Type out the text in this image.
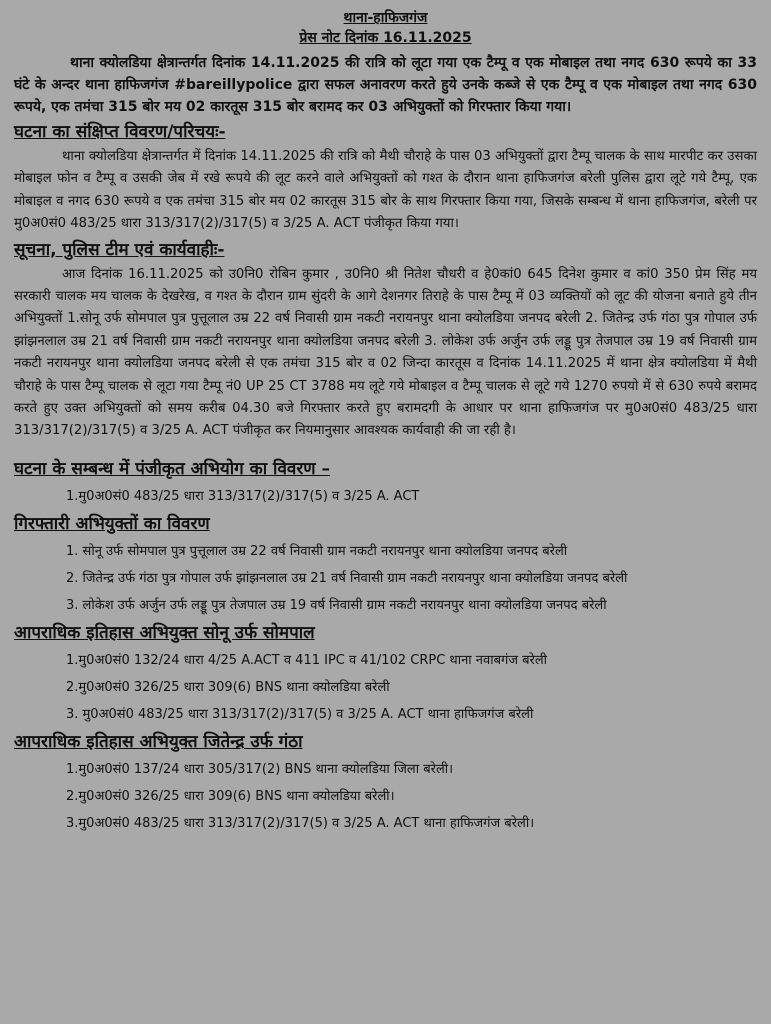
थाना-हाफिजगंज
प्रेस नोट दिनांक 16.11.2025

थाना क्योलडिया क्षेत्रान्तर्गत दिनांक 14.11.2025 की रात्रि को लूटा गया एक टैम्पू व एक मोबाइल तथा नगद 630 रूपये का 33 घंटे के अन्दर थाना हाफिजगंज #bareillypolice द्वारा सफल अनावरण करते हुये उनके कब्जे से एक टैम्पू व एक मोबाइल तथा नगद 630 रूपये, एक तमंचा 315 बोर मय 02 कारतूस 315 बोर बरामद कर 03 अभियुक्तों को गिरफ्तार किया गया।

घटना का संक्षिप्त विवरण/परिचयः-

थाना क्योलडिया क्षेत्रान्तर्गत में दिनांक 14.11.2025 की रात्रि को मैथी चौराहे के पास 03 अभियुक्तों द्वारा टैम्पू चालक के साथ मारपीट कर उसका मोबाइल फोन व टैम्पू व उसकी जेब में रखे रूपये की लूट करने वाले अभियुक्तों को गश्त के दौरान थाना हाफिजगंज बरेली पुलिस द्वारा लूटे गये टैम्पू, एक मोबाइल व नगद 630 रूपये व एक तमंचा 315 बोर मय 02 कारतूस 315 बोर के साथ गिरफ्तार किया गया, जिसके सम्बन्ध में थाना हाफिजगंज, बरेली पर मु0अ0सं0 483/25 धारा 313/317(2)/317(5) व 3/25 A. ACT पंजीकृत किया गया।

सूचना, पुलिस टीम एवं कार्यवाहीः-

आज दिनांक 16.11.2025 को उ0नि0 रोबिन कुमार , उ0नि0 श्री नितेश चौधरी व हे0कां0 645 दिनेश कुमार व कां0 350 प्रेम सिंह मय सरकारी चालक मय चालक के देखरेख, व गश्त के दौरान ग्राम सुंदरी के आगे देशनगर तिराहे के पास टैम्पू में 03 व्यक्तियों को लूट की योजना बनाते हुये तीन अभियुक्तों 1.सोनू उर्फ सोमपाल पुत्र पुत्तूलाल उम्र 22 वर्ष निवासी ग्राम नकटी नरायनपुर थाना क्योलडिया जनपद बरेली 2. जितेन्द्र उर्फ गंठा पुत्र गोपाल उर्फ झांझनलाल उम्र 21 वर्ष निवासी ग्राम नकटी नरायनपुर थाना क्योलडिया जनपद बरेली 3. लोकेश उर्फ अर्जुन उर्फ लड्डू पुत्र तेजपाल उम्र 19 वर्ष निवासी ग्राम नकटी नरायनपुर थाना क्योलडिया जनपद बरेली से एक तमंचा 315 बोर व 02 जिन्दा कारतूस व दिनांक 14.11.2025 में थाना क्षेत्र क्योलडिया में मैथी चौराहे के पास टैम्पू चालक से लूटा गया टैम्पू नं0 UP 25 CT 3788 मय लूटे गये मोबाइल व टैम्पू चालक से लूटे गये 1270 रुपयो में से 630 रुपये बरामद करते हुए उक्त अभियुक्तों को समय करीब 04.30 बजे गिरफ्तार करते हुए बरामदगी के आधार पर थाना हाफिजगंज पर मु0अ0सं0 483/25 धारा 313/317(2)/317(5) व 3/25 A. ACT पंजीकृत कर नियमानुसार आवश्यक कार्यवाही की जा रही है।

घटना के सम्बन्ध में पंजीकृत अभियोग का विवरण –
1.मु0अ0सं0 483/25 धारा 313/317(2)/317(5) व 3/25 A. ACT
गिरफ्तारी अभियुक्तों का विवरण
1. सोनू उर्फ सोमपाल पुत्र पुत्तूलाल उम्र 22 वर्ष निवासी ग्राम नकटी नरायनपुर थाना क्योलडिया जनपद बरेली
2. जितेन्द्र उर्फ गंठा पुत्र गोपाल उर्फ झांझनलाल उम्र 21 वर्ष निवासी ग्राम नकटी नरायनपुर थाना क्योलडिया जनपद बरेली
3. लोकेश उर्फ अर्जुन उर्फ लड्डू पुत्र तेजपाल उम्र 19 वर्ष निवासी ग्राम नकटी नरायनपुर थाना क्योलडिया जनपद बरेली
आपराधिक इतिहास अभियुक्त सोनू उर्फ सोमपाल
1.मु0अ0सं0 132/24 धारा 4/25 A.ACT व 411 IPC व 41/102 CRPC थाना नवाबगंज बरेली
2.मु0अ0सं0 326/25 धारा 309(6) BNS थाना क्योलडिया बरेली
3. मु0अ0सं0 483/25 धारा 313/317(2)/317(5) व 3/25 A. ACT थाना हाफिजगंज बरेली
आपराधिक इतिहास अभियुक्त जितेन्द्र उर्फ गंठा
1.मु0अ0सं0 137/24 धारा 305/317(2) BNS थाना क्योलडिया जिला बरेली।
2.मु0अ0सं0 326/25 धारा 309(6) BNS थाना क्योलडिया बरेली।
3.मु0अ0सं0 483/25 धारा 313/317(2)/317(5) व 3/25 A. ACT थाना हाफिजगंज बरेली।
